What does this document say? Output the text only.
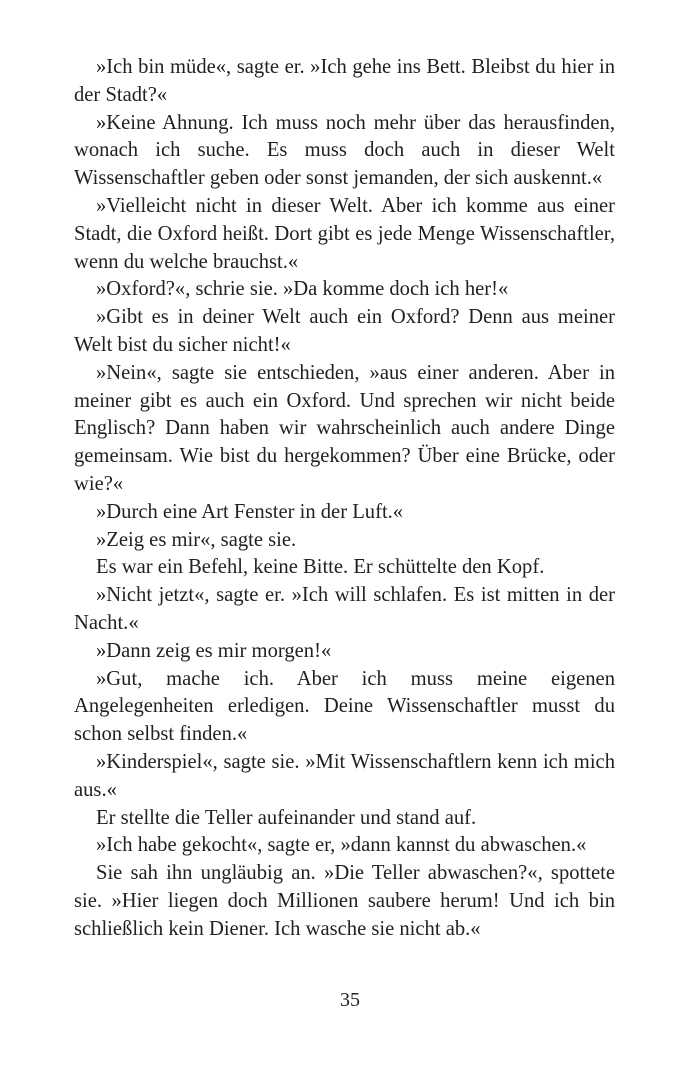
»Ich bin müde«, sagte er. »Ich gehe ins Bett. Bleibst du hier in der Stadt?«

»Keine Ahnung. Ich muss noch mehr über das herausfinden, wonach ich suche. Es muss doch auch in dieser Welt Wissenschaftler geben oder sonst jemanden, der sich auskennt.«

»Vielleicht nicht in dieser Welt. Aber ich komme aus einer Stadt, die Oxford heißt. Dort gibt es jede Menge Wissenschaftler, wenn du welche brauchst.«

»Oxford?«, schrie sie. »Da komme doch ich her!«

»Gibt es in deiner Welt auch ein Oxford? Denn aus meiner Welt bist du sicher nicht!«

»Nein«, sagte sie entschieden, »aus einer anderen. Aber in meiner gibt es auch ein Oxford. Und sprechen wir nicht beide Englisch? Dann haben wir wahrscheinlich auch andere Dinge gemeinsam. Wie bist du hergekommen? Über eine Brücke, oder wie?«

»Durch eine Art Fenster in der Luft.«

»Zeig es mir«, sagte sie.

Es war ein Befehl, keine Bitte. Er schüttelte den Kopf.

»Nicht jetzt«, sagte er. »Ich will schlafen. Es ist mitten in der Nacht.«

»Dann zeig es mir morgen!«

»Gut, mache ich. Aber ich muss meine eigenen Angelegenheiten erledigen. Deine Wissenschaftler musst du schon selbst finden.«

»Kinderspiel«, sagte sie. »Mit Wissenschaftlern kenn ich mich aus.«

Er stellte die Teller aufeinander und stand auf.

»Ich habe gekocht«, sagte er, »dann kannst du abwaschen.«

Sie sah ihn ungläubig an. »Die Teller abwaschen?«, spottete sie. »Hier liegen doch Millionen saubere herum! Und ich bin schließlich kein Diener. Ich wasche sie nicht ab.«

35
